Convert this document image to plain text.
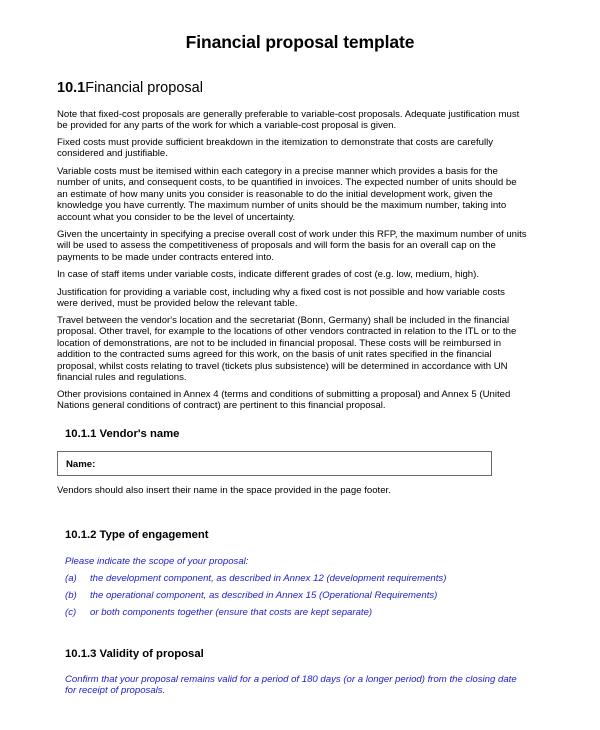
Financial proposal template
10.1Financial proposal
Note that fixed-cost proposals are generally preferable to variable-cost proposals. Adequate justification must be provided for any parts of the work for which a variable-cost proposal is given.
Fixed costs must provide sufficient breakdown in the itemization to demonstrate that costs are carefully considered and justifiable.
Variable costs must be itemised within each category in a precise manner which provides a basis for the number of units, and consequent costs, to be quantified in invoices. The expected number of units should be an estimate of how many units you consider is reasonable to do the initial development work, given the knowledge you have currently. The maximum number of units should be the maximum number, taking into account what you consider to be the level of uncertainty.
Given the uncertainty in specifying a precise overall cost of work under this RFP, the maximum number of units will be used to assess the competitiveness of proposals and will form the basis for an overall cap on the payments to be made under contracts entered into.
In case of staff items under variable costs, indicate different grades of cost (e.g. low, medium, high).
Justification for providing a variable cost, including why a fixed cost is not possible and how variable costs were derived, must be provided below the relevant table.
Travel between the vendor's location and the secretariat (Bonn, Germany) shall be included in the financial proposal. Other travel, for example to the locations of other vendors contracted in relation to the ITL or to the location of demonstrations, are not to be included in financial proposal. These costs will be reimbursed in addition to the contracted sums agreed for this work, on the basis of unit rates specified in the financial proposal, whilst costs relating to travel (tickets plus subsistence) will be determined in accordance with UN financial rules and regulations.
Other provisions contained in Annex 4 (terms and conditions of submitting a proposal) and Annex 5 (United Nations general conditions of contract) are pertinent to this financial proposal.
10.1.1 Vendor's name
Name:
Vendors should also insert their name in the space provided in the page footer.
10.1.2 Type of engagement
Please indicate the scope of your proposal:
(a) the development component, as described in Annex 12 (development requirements)
(b) the operational component, as described in Annex 15 (Operational Requirements)
(c) or both components together (ensure that costs are kept separate)
10.1.3 Validity of proposal
Confirm that your proposal remains valid for a period of 180 days (or a longer period) from the closing date for receipt of proposals.
